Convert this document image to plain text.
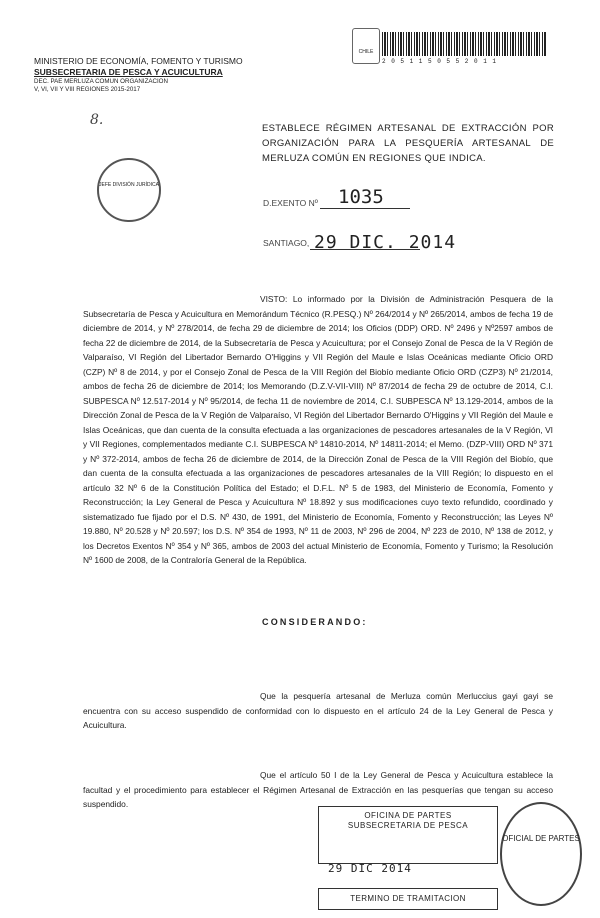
MINISTERIO DE ECONOMÍA, FOMENTO Y TURISMO
SUBSECRETARIA DE PESCA Y ACUICULTURA
DEC. PAE MERLUZA COMUN ORGANIZACION
V, VI, VII Y VIII REGIONES 2015-2017
CHILE
2 0 5 1 1 5 0 5 5 2 0 1 1
8.
JEFE DIVISIÓN JURÍDICA
ESTABLECE RÉGIMEN ARTESANAL DE EXTRACCIÓN POR ORGANIZACIÓN PARA LA PESQUERÍA ARTESANAL DE MERLUZA COMÚN EN REGIONES QUE INDICA.
D.EXENTO Nº 1035
SANTIAGO, 29 DIC. 2014
VISTO: Lo informado por la División de Administración Pesquera de la Subsecretaría de Pesca y Acuicultura en Memorándum Técnico (R.PESQ.) Nº 264/2014 y Nº 265/2014, ambos de fecha 19 de diciembre de 2014, y Nº 278/2014, de fecha 29 de diciembre de 2014; los Oficios (DDP) ORD. Nº 2496 y Nº2597 ambos de fecha 22 de diciembre de 2014, de la Subsecretaría de Pesca y Acuicultura; por el Consejo Zonal de Pesca de la V Región de Valparaíso, VI Región del Libertador Bernardo O'Higgins y VII Región del Maule e Islas Oceánicas mediante Oficio ORD (CZP) Nº 8 de 2014, y por el Consejo Zonal de Pesca de la VIII Región del Biobío mediante Oficio ORD (CZP3) Nº 21/2014, ambos de fecha 26 de diciembre de 2014; los Memorando (D.Z.V-VII-VIII) Nº 87/2014 de fecha 29 de octubre de 2014, C.I. SUBPESCA Nº 12.517-2014 y Nº 95/2014, de fecha 11 de noviembre de 2014, C.I. SUBPESCA Nº 13.129-2014, ambos de la Dirección Zonal de Pesca de la V Región de Valparaíso, VI Región del Libertador Bernardo O'Higgins y VII Región del Maule e Islas Oceánicas, que dan cuenta de la consulta efectuada a las organizaciones de pescadores artesanales de la V Región, VI y VII Regiones, complementados mediante C.I. SUBPESCA Nº 14810-2014, Nº 14811-2014; el Memo. (DZP-VIII) ORD Nº 371 y Nº 372-2014, ambos de fecha 26 de diciembre de 2014, de la Dirección Zonal de Pesca de la VIII Región del Biobío, que dan cuenta de la consulta efectuada a las organizaciones de pescadores artesanales de la VIII Región; lo dispuesto en el artículo 32 Nº 6 de la Constitución Política del Estado; el D.F.L. Nº 5 de 1983, del Ministerio de Economía, Fomento y Reconstrucción; la Ley General de Pesca y Acuicultura Nº 18.892 y sus modificaciones cuyo texto refundido, coordinado y sistematizado fue fijado por el D.S. Nº 430, de 1991, del Ministerio de Economía, Fomento y Reconstrucción; las Leyes Nº 19.880, Nº 20.528 y Nº 20.597; los D.S. Nº 354 de 1993, Nº 11 de 2003, Nº 296 de 2004, Nº 223 de 2010, Nº 138 de 2012, y los Decretos Exentos Nº 354 y Nº 365, ambos de 2003 del actual Ministerio de Economía, Fomento y Turismo; la Resolución Nº 1600 de 2008, de la Contraloría General de la República.
CONSIDERANDO:
Que la pesquería artesanal de Merluza común Merluccius gayi gayi se encuentra con su acceso suspendido de conformidad con lo dispuesto en el artículo 24 de la Ley General de Pesca y Acuicultura.
Que el artículo 50 I de la Ley General de Pesca y Acuicultura establece la facultad y el procedimiento para establecer el Régimen Artesanal de Extracción en las pesquerías que tengan su acceso suspendido.
OFICINA DE PARTES
SUBSECRETARIA DE PESCA
29 DIC 2014
TERMINO DE TRAMITACION
OFICIAL DE PARTES
